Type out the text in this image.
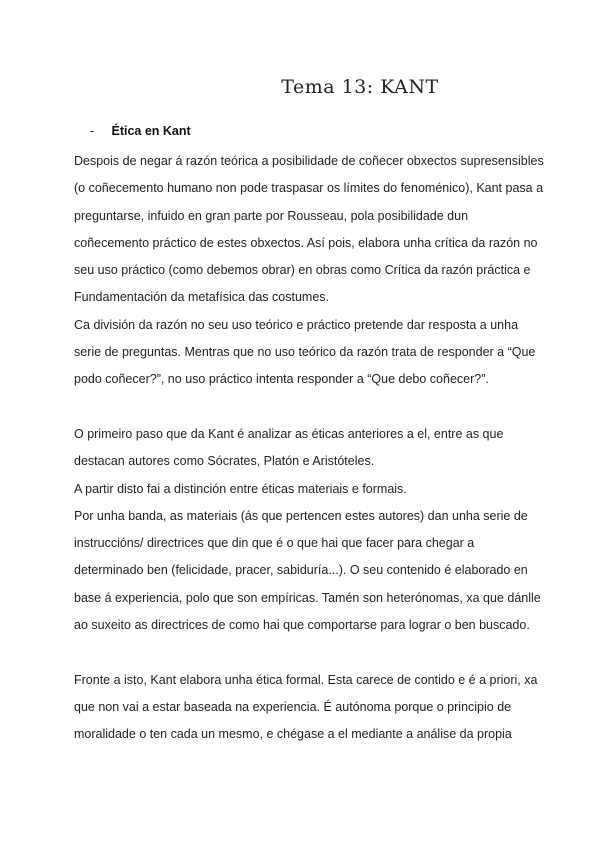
Tema 13: KANT
- Ética en Kant
Despois de negar á razón teórica a posibilidade de coñecer obxectos supresensibles
(o coñecemento humano non pode traspasar os límites do fenoménico), Kant pasa a
preguntarse, infuido en gran parte por Rousseau, pola posibilidade dun
coñecemento práctico de estes obxectos. Así pois, elabora unha crítica da razón no
seu uso práctico (como debemos obrar) en obras como Crítica da razón práctica e
Fundamentación da metafísica das costumes.
Ca división da razón no seu uso teórico e práctico pretende dar resposta a unha
serie de preguntas. Mentras que no uso teórico da razón trata de responder a “Que
podo coñecer?”, no uso práctico intenta responder a “Que debo coñecer?”.
O primeiro paso que da Kant é analizar as éticas anteriores a el, entre as que
destacan autores como Sócrates, Platón e Aristóteles.
A partir disto fai a distinción entre éticas materiais e formais.
Por unha banda, as materiais (ás que pertencen estes autores) dan unha serie de
instruccións/ directrices que din que é o que hai que facer para chegar a
determinado ben (felicidade, pracer, sabiduría...). O seu contenido é elaborado en
base á experiencia, polo que son empíricas. Tamén son heterónomas, xa que dánlle
ao suxeito as directrices de como hai que comportarse para lograr o ben buscado.
Fronte a isto, Kant elabora unha ética formal. Esta carece de contido e é a priori, xa
que non vai a estar baseada na experiencia. É autónoma porque o principio de
moralidade o ten cada un mesmo, e chégase a el mediante a análise da propia
